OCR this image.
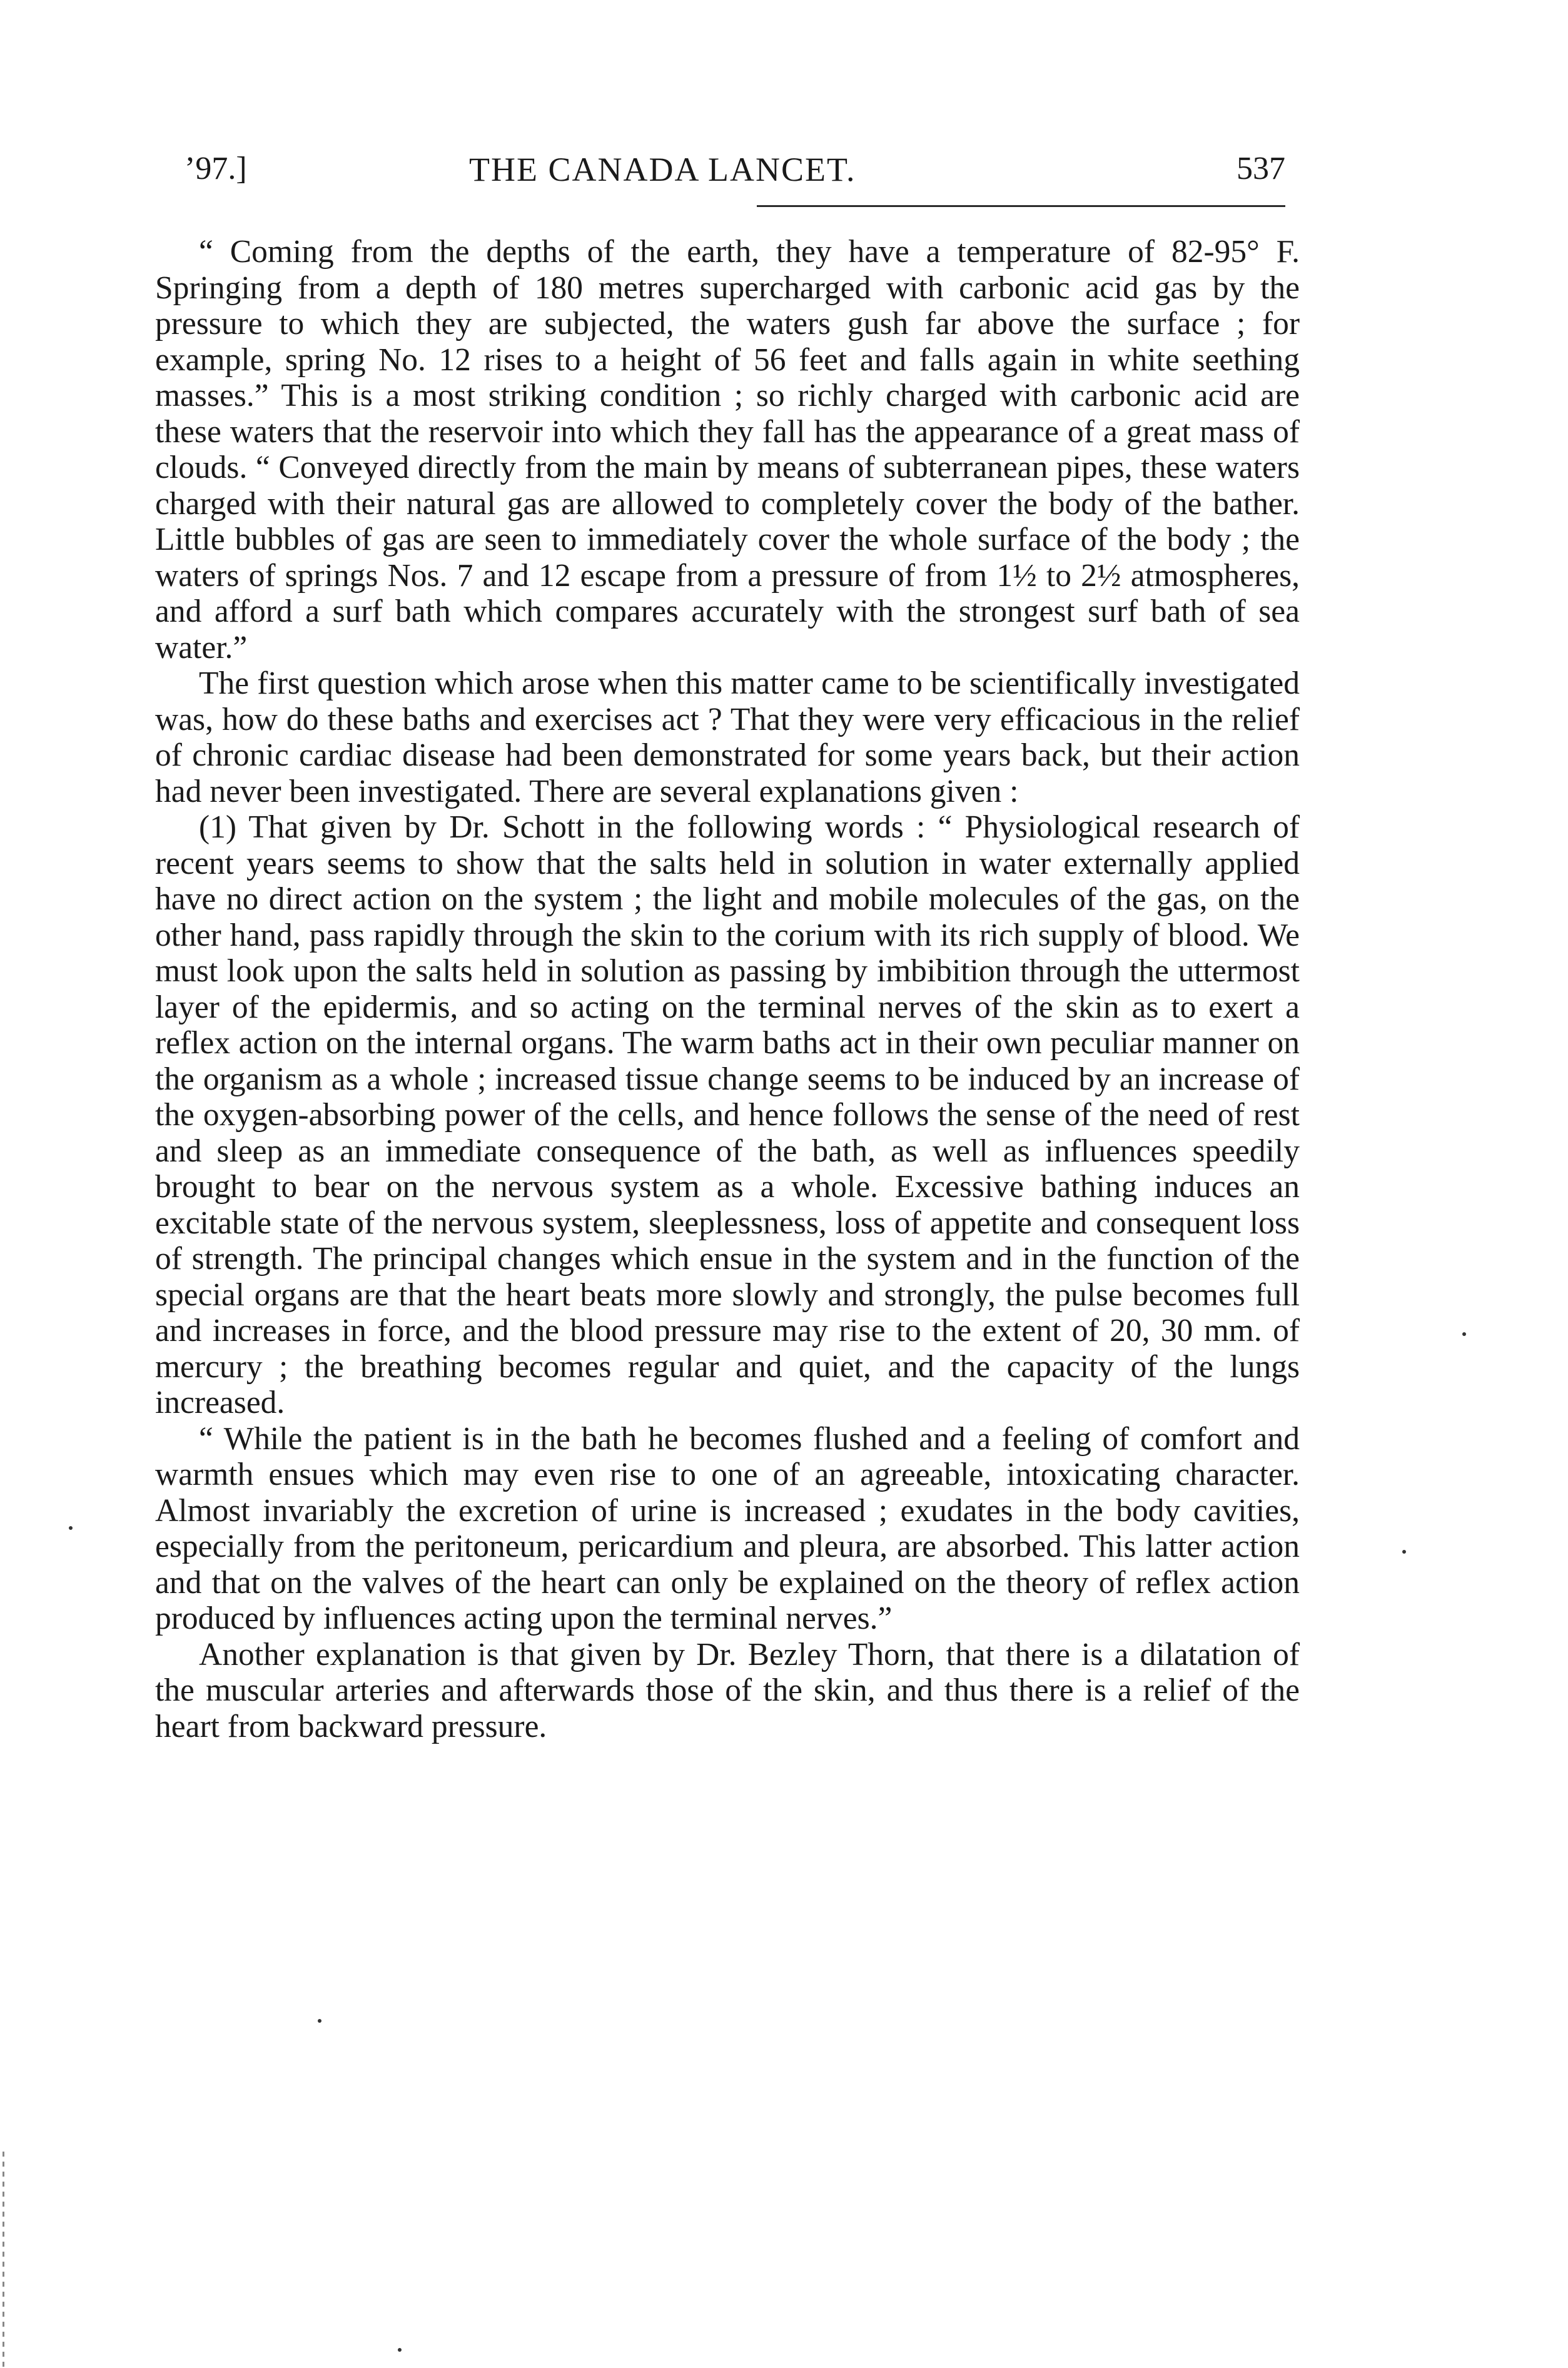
’97.]	THE CANADA LANCET.	537

“ Coming from the depths of the earth, they have a temperature of 82-95° F. Springing from a depth of 180 metres supercharged with carbonic acid gas by the pressure to which they are subjected, the waters gush far above the surface ; for example, spring No. 12 rises to a height of 56 feet and falls again in white seething masses.” This is a most striking condition ; so richly charged with carbonic acid are these waters that the reservoir into which they fall has the appearance of a great mass of clouds. “ Conveyed directly from the main by means of subterranean pipes, these waters charged with their natural gas are allowed to completely cover the body of the bather. Little bubbles of gas are seen to immediately cover the whole surface of the body ; the waters of springs Nos. 7 and 12 escape from a pressure of from 1½ to 2½ atmospheres, and afford a surf bath which compares accurately with the strongest surf bath of sea water.”

The first question which arose when this matter came to be scientifically investigated was, how do these baths and exercises act ? That they were very efficacious in the relief of chronic cardiac disease had been demonstrated for some years back, but their action had never been investigated. There are several explanations given :

(1) That given by Dr. Schott in the following words : “ Physiological research of recent years seems to show that the salts held in solution in water externally applied have no direct action on the system ; the light and mobile molecules of the gas, on the other hand, pass rapidly through the skin to the corium with its rich supply of blood. We must look upon the salts held in solution as passing by imbibition through the uttermost layer of the epidermis, and so acting on the terminal nerves of the skin as to exert a reflex action on the internal organs. The warm baths act in their own peculiar manner on the organism as a whole ; increased tissue change seems to be induced by an increase of the oxygen-absorbing power of the cells, and hence follows the sense of the need of rest and sleep as an immediate consequence of the bath, as well as influences speedily brought to bear on the nervous system as a whole. Excessive bathing induces an excitable state of the nervous system, sleeplessness, loss of appetite and consequent loss of strength. The principal changes which ensue in the system and in the function of the special organs are that the heart beats more slowly and strongly, the pulse becomes full and increases in force, and the blood pressure may rise to the extent of 20, 30 mm. of mercury ; the breathing becomes regular and quiet, and the capacity of the lungs increased.

“ While the patient is in the bath he becomes flushed and a feeling of comfort and warmth ensues which may even rise to one of an agreeable, intoxicating character. Almost invariably the excretion of urine is increased ; exudates in the body cavities, especially from the peritoneum, pericardium and pleura, are absorbed. This latter action and that on the valves of the heart can only be explained on the theory of reflex action produced by influences acting upon the terminal nerves.”

Another explanation is that given by Dr. Bezley Thorn, that there is a dilatation of the muscular arteries and afterwards those of the skin, and thus there is a relief of the heart from backward pressure.
